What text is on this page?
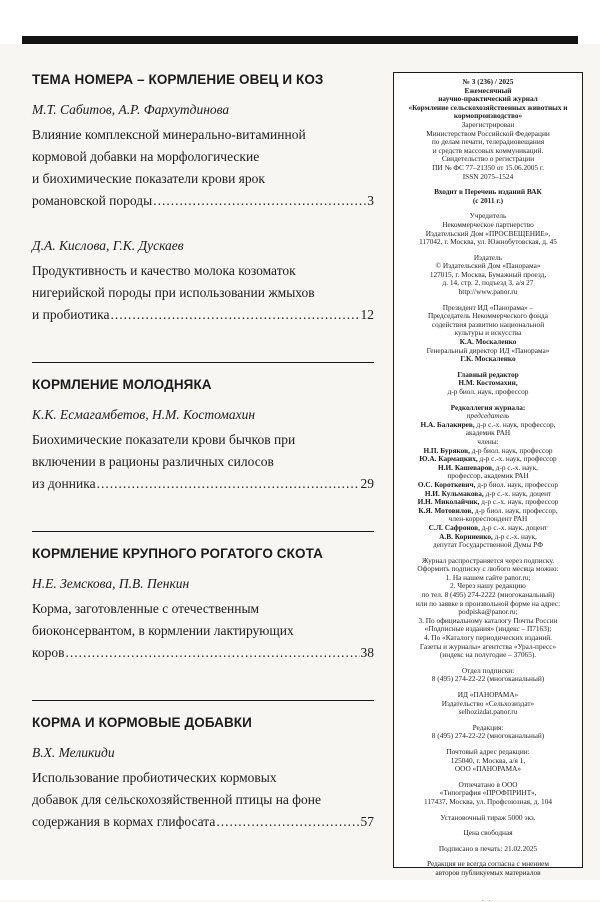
ТЕМА НОМЕРА – КОРМЛЕНИЕ ОВЕЦ И КОЗ

М.Т. Сабитов, А.Р. Фархутдинова

Влияние комплексной минерально-витаминной
кормовой добавки на морфологические
и биохимические показатели крови ярок
романовской породы .....	3

Д.А. Кислова, Г.К. Дускаев

Продуктивность и качество молока козоматок
нигерийской породы при использовании жмыхов
и пробиотика .....	12
КОРМЛЕНИЕ МОЛОДНЯКА

К.К. Есмагамбетов, Н.М. Костомахин

Биохимические показатели крови бычков при
включении в рационы различных силосов
из донника .....	29
КОРМЛЕНИЕ КРУПНОГО РОГАТОГО СКОТА

Н.Е. Земскова, П.В. Пенкин

Корма, заготовленные с отечественным
биоконсервантом, в кормлении лактирующих
коров .....	38
КОРМА И КОРМОВЫЕ ДОБАВКИ

В.Х. Меликиди

Использование пробиотических кормовых
добавок для сельскохозяйственной птицы на фоне
содержания в кормах глифосата .....	57

№ 3 (236) / 2025

Ежемесячный

научно-практический журнал

«Кормление сельскохозяйственных животных и кормопроизводство»

Зарегистрирован

Министерством Российской Федерации

по делам печати, телерадиовещания

и средств массовых коммуникаций.

Свидетельство о регистрации

ПИ № ФС 77–21350 от 15.06.2005 г.

ISSN 2075–1524

Входит в Перечень изданий ВАК

(с 2011 г.)

Учредитель

Некоммерческое партнерство

Издательский Дом «ПРОСВЕЩЕНИЕ»,

117042, г. Москва, ул. Южнобутовская, д. 45

Издатель

© Издательский Дом «Панорама»

127015, г. Москва, Бумажный проезд,

д. 14, стр. 2, подъезд 3, а/я 27

http://www.panor.ru

Президент ИД «Панорама» –

Председатель Некоммерческого фонда

содействия развитию национальной

культуры и искусства

К.А. Москаленко

Генеральный директор ИД «Панорама»

Г.К. Москаленко

Главный редактор

Н.М. Костомахин,

д-р биол. наук, профессор

Редколлегия журнала:

председатель

Н.А. Балакирев, д-р с.-х. наук, профессор,

академик РАН

члены:

Н.П. Буряков, д-р биол. наук, профессор

Ю.А. Кармацких, д-р с.-х. наук, профессор

Н.И. Кашеваров, д-р с.-х. наук,

профессор, академик РАН

О.С. Короткевич, д-р биол. наук, профессор

Н.И. Кульмакова, д-р с.-х. наук, доцент

И.Н. Миколайчик, д-р с.-х. наук, профессор

К.Я. Мотовилов, д-р биол. наук, профессор,

член-корреспондент РАН

С.Л. Сафронов, д-р с.-х. наук, доцент

А.В. Корниенко, д-р с.-х. наук,

депутат Государственной Думы РФ

Журнал распространяется через подписку.

Оформить подписку с любого месяца можно:

1. На нашем сайте panor.ru;

2. Через нашу редакцию

по тел. 8 (495) 274-2222 (многоканальный)

или по заявке в произвольной форме на адрес:

podpiska@panor.ru;

3. По официальному каталогу Почты России

«Подписные издания» (индекс – П7163);

4. По «Каталогу периодических изданий.

Газеты и журналы» агентства «Урал-пресс»

(индекс на полугодие – 37065).

Отдел подписки:

8 (495) 274-22-22 (многоканальный)

ИД «ПАНОРАМА»

Издательство «Сельхозиздат»

selhozizdat.panor.ru

Редакция:

8 (495) 274-22-22 (многоканальный)

Почтовый адрес редакции:

125040, г. Москва, а/я 1,

ООО «ПАНОРАМА»

Отпечатано в ООО

«Типография «ПРОФПРИНТ»,

117437, Москва, ул. Профсоюзная, д. 104

Установочный тираж 5000 экз.

Цена свободная

Подписано в печать: 21.02.2025

Редакция не всегда согласна с мнением

авторов публикуемых материалов
